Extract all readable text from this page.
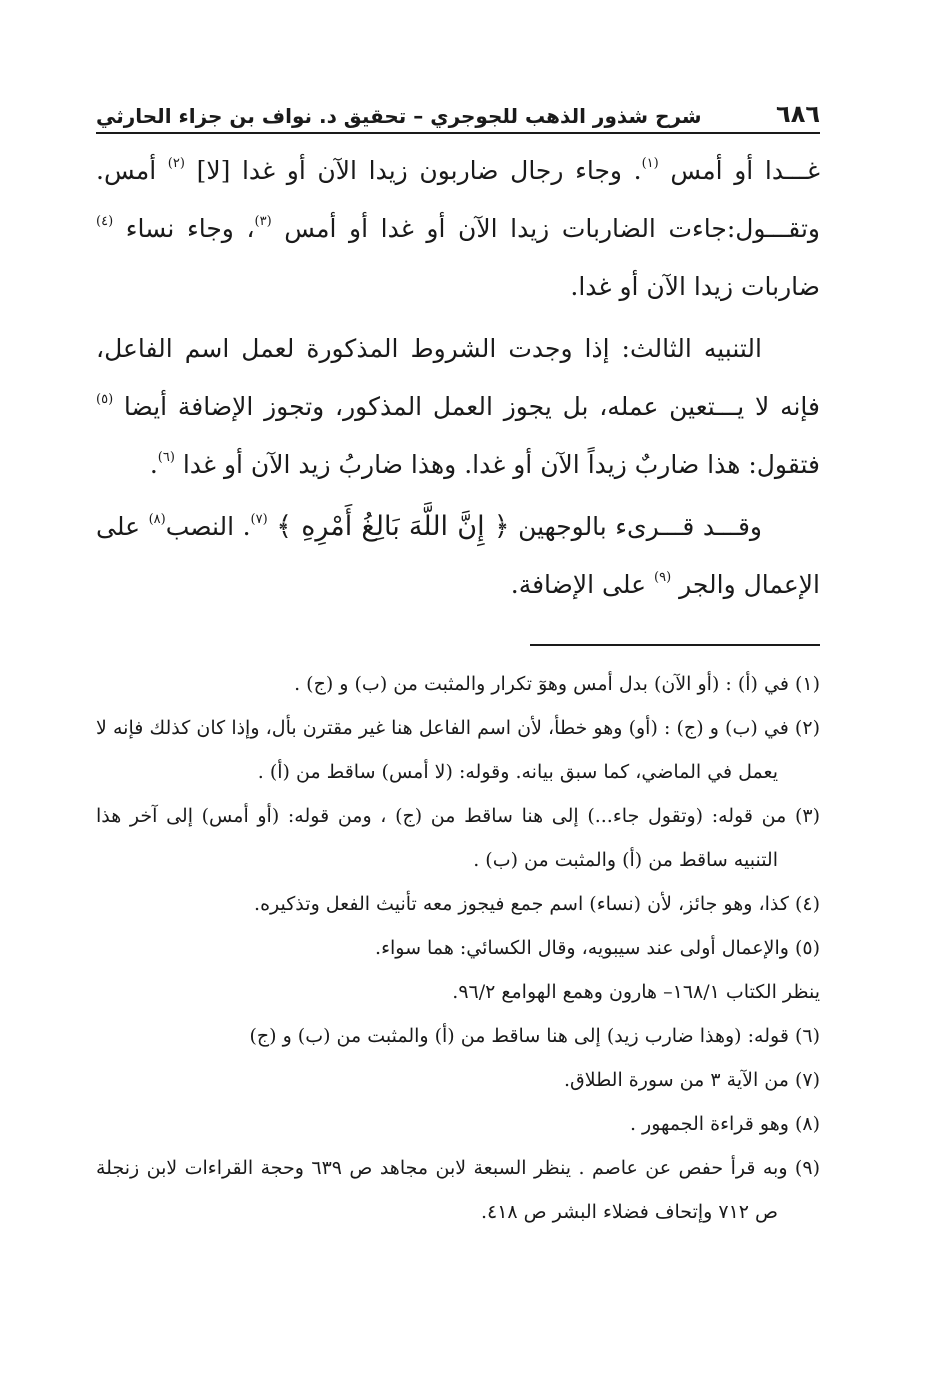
٦٨٦
شرح شذور الذهب للجوجري – تحقيق د. نواف بن جزاء الحارثي

غـــدا أو أمس $^{(١)}$. وجاء رجال ضاربون زيدا الآن أو غدا [لا] $^{(٢)}$ أمس. وتقـــول:جاءت الضاربات زيدا الآن أو غدا أو أمس $^{(٣)}$، وجاء نساء $^{(٤)}$ ضاربات زيدا الآن أو غدا.

التنبيه الثالث: إذا وجدت الشروط المذكورة لعمل اسم الفاعل، فإنه لا يـــتعين عمله، بل يجوز العمل المذكور، وتجوز الإضافة أيضا $^{(٥)}$ فتقول: هذا ضاربٌ زيداً الآن أو غدا. وهذا ضاربُ زيد الآن أو غدا $^{(٦)}$.

وقـــد قـــرىء بالوجهين ﴿ إِنَّ اللَّهَ بَالِغُ أَمْرِهِ ﴾ $^{(٧)}$. النصب$^{(٨)}$ على الإعمال والجر $^{(٩)}$ على الإضافة.

(١) في (أ) : (أو الآن) بدل أمس وهوٓ تكرار والمثبت من (ب) و (ج) .
(٢) في (ب) و (ج) : (أو) وهو خطأ، لأن اسم الفاعل هنا غير مقترن بأل، وإذا كان كذلك فإنه لا يعمل في الماضي، كما سبق بيانه. وقوله: (لا أمس) ساقط من (أ) .
(٣) من قوله: (وتقول جاء...) إلى هنا ساقط من (ج) ، ومن قوله: (أو أمس) إلى آخر هذا التنبيه ساقط من (أ) والمثبت من (ب) .
(٤) كذا، وهو جائز، لأن (نساء) اسم جمع فيجوز معه تأنيث الفعل وتذكيره.
(٥) والإعمال أولى عند سيبويه، وقال الكسائي: هما سواء.
ينظر الكتاب ١٦٨/١– هارون وهمع الهوامع ٩٦/٢.
(٦) قوله: (وهذا ضارب زيد) إلى هنا ساقط من (أ) والمثبت من (ب) و (ج)
(٧) من الآية ٣ من سورة الطلاق.
(٨) وهو قراءة الجمهور .
(٩) وبه قرأ حفص عن عاصم . ينظر السبعة لابن مجاهد ص ٦٣٩ وحجة القراءات لابن زنجلة ص ٧١٢ وإتحاف فضلاء البشر ص ٤١٨.
